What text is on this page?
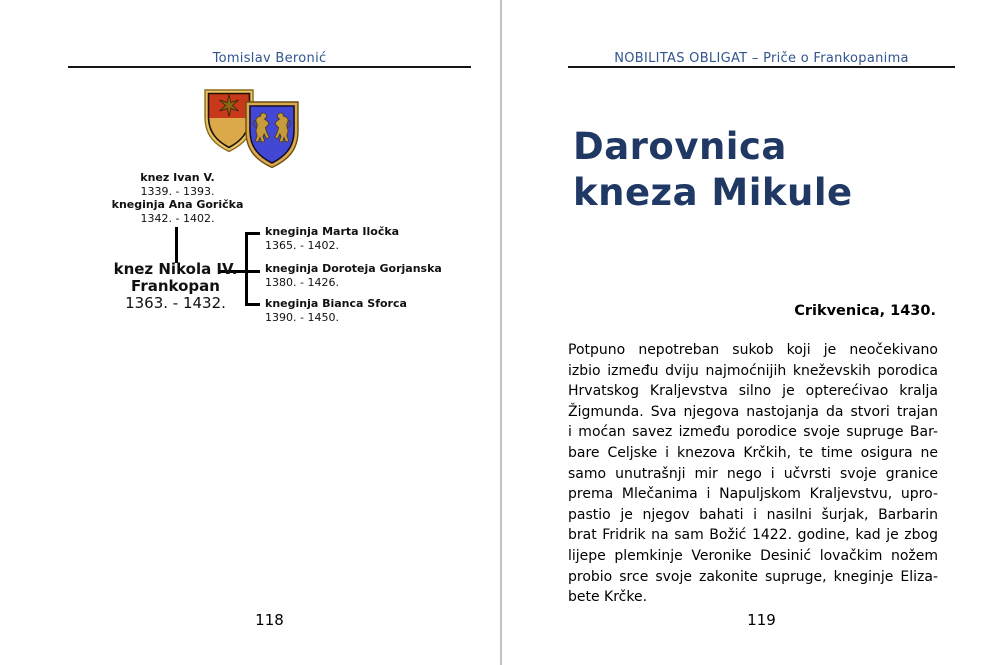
Tomislav Beronić
knez Ivan V.
1339. - 1393.
kneginja Ana Gorička
1342. - 1402.
knez Nikola IV.
Frankopan
1363. - 1432.
kneginja Marta Iločka
1365. - 1402.
kneginja Doroteja Gorjanska
1380. - 1426.
kneginja Bianca Sforca
1390. - 1450.
118
NOBILITAS OBLIGAT – Priče o Frankopanima
Darovnica
kneza Mikule
Crikvenica, 1430.
Potpuno nepotreban sukob koji je neočekivano
izbio između dviju najmoćnijih kneževskih porodica
Hrvatskog Kraljevstva silno je opterećivao kralja
Žigmunda. Sva njegova nastojanja da stvori trajan
i moćan savez između porodice svoje supruge Bar-
bare Celjske i knezova Krčkih, te time osigura ne
samo unutrašnji mir nego i učvrsti svoje granice
prema Mlečanima i Napuljskom Kraljevstvu, upro-
pastio je njegov bahati i nasilni šurjak, Barbarin
brat Fridrik na sam Božić 1422. godine, kad je zbog
lijepe plemkinje Veronike Desinić lovačkim nožem
probio srce svoje zakonite supruge, kneginje Eliza-
bete Krčke.
119
